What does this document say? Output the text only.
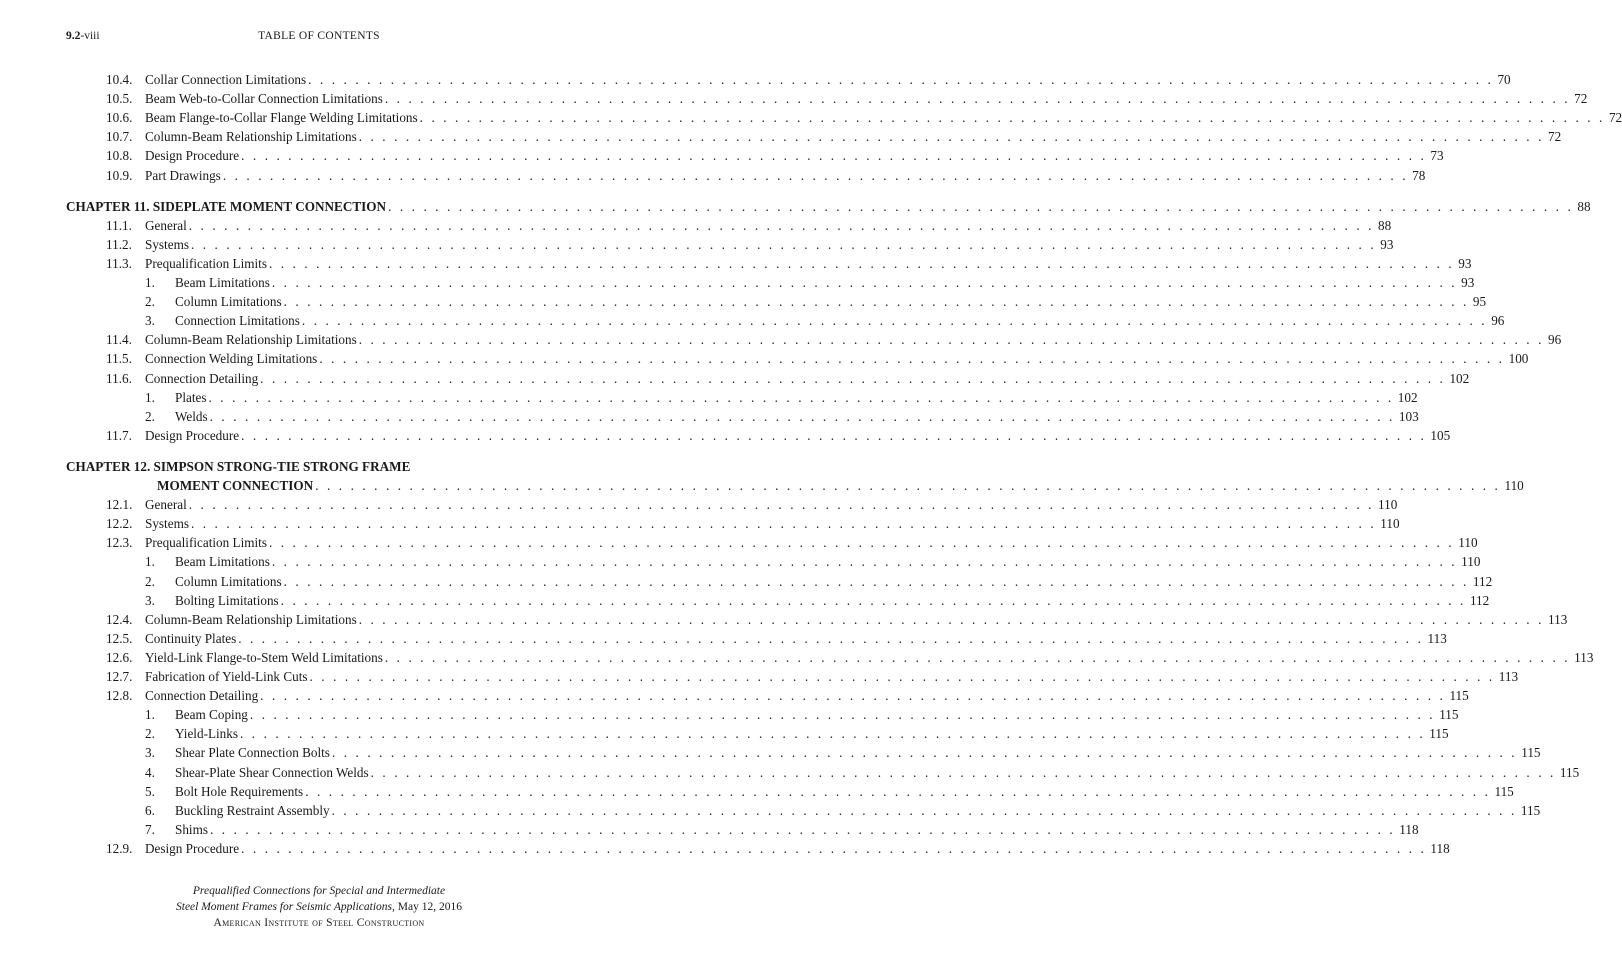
9.2-viii	TABLE OF CONTENTS
10.4. Collar Connection Limitations . . . . . . . . . . . . . . . . . . . . . . . . . . . . . . . . . . . . . . . . . . . . . . . . . . . . . . . . . . . . . . . . . . . . . . . . . . . . . . . . . . . . . . . . . . . . . . . . . . . . . 70
10.5. Beam Web-to-Collar Connection Limitations . . . . . . . . . . . . . . . . . . . . . . . . . . . . . . . . . . . . . . . . . . . . . . . . . . . . . . . . . . . . . . . . . . . . . . . . . . . . . . . . . . . . . . . . . . . . . . . . . . . . . 72
10.6. Beam Flange-to-Collar Flange Welding Limitations . . . . . . . . . . . . . . . . . . . . . . . . . . . . . . . . . . . . . . . . . . . . . . . . . . . . . . . . . . . . . . . . . . . . . . . . . . . . . . . . . . . . . . . . . . . . . . . . . . . . . 72
10.7. Column-Beam Relationship Limitations . . . . . . . . . . . . . . . . . . . . . . . . . . . . . . . . . . . . . . . . . . . . . . . . . . . . . . . . . . . . . . . . . . . . . . . . . . . . . . . . . . . . . . . . . . . . . . . . . . . . . 72
10.8. Design Procedure . . . . . . . . . . . . . . . . . . . . . . . . . . . . . . . . . . . . . . . . . . . . . . . . . . . . . . . . . . . . . . . . . . . . . . . . . . . . . . . . . . . . . . . . . . . . . . . . . . . . . 73
10.9. Part Drawings . . . . . . . . . . . . . . . . . . . . . . . . . . . . . . . . . . . . . . . . . . . . . . . . . . . . . . . . . . . . . . . . . . . . . . . . . . . . . . . . . . . . . . . . . . . . . . . . . . . . . 78
CHAPTER 11. SIDEPLATE MOMENT CONNECTION . . . . . . . . . . . . . . . . . . . . . . . . . . . . . . . . . . . . . . . . . . . . . . . . . . . . . . . . . . . . . . . . . . . . . . . . . . . . . . . . . . . . . . . . . . . . . . . . . . . . . 88
11.1. General . . . . . . . . . . . . . . . . . . . . . . . . . . . . . . . . . . . . . . . . . . . . . . . . . . . . . . . . . . . . . . . . . . . . . . . . . . . . . . . . . . . . . . . . . . . . . . . . . . . . . 88
11.2. Systems . . . . . . . . . . . . . . . . . . . . . . . . . . . . . . . . . . . . . . . . . . . . . . . . . . . . . . . . . . . . . . . . . . . . . . . . . . . . . . . . . . . . . . . . . . . . . . . . . . . . . 93
11.3. Prequalification Limits . . . . . . . . . . . . . . . . . . . . . . . . . . . . . . . . . . . . . . . . . . . . . . . . . . . . . . . . . . . . . . . . . . . . . . . . . . . . . . . . . . . . . . . . . . . . . . . . . . . . . 93
1. Beam Limitations . . . . . . . . . . . . . . . . . . . . . . . . . . . . . . . . . . . . . . . . . . . . . . . . . . . . . . . . . . . . . . . . . . . . . . . . . . . . . . . . . . . . . . . . . . . . . . . . . . . . . 93
2. Column Limitations . . . . . . . . . . . . . . . . . . . . . . . . . . . . . . . . . . . . . . . . . . . . . . . . . . . . . . . . . . . . . . . . . . . . . . . . . . . . . . . . . . . . . . . . . . . . . . . . . . . . . 95
3. Connection Limitations . . . . . . . . . . . . . . . . . . . . . . . . . . . . . . . . . . . . . . . . . . . . . . . . . . . . . . . . . . . . . . . . . . . . . . . . . . . . . . . . . . . . . . . . . . . . . . . . . . . . . 96
11.4. Column-Beam Relationship Limitations . . . . . . . . . . . . . . . . . . . . . . . . . . . . . . . . . . . . . . . . . . . . . . . . . . . . . . . . . . . . . . . . . . . . . . . . . . . . . . . . . . . . . . . . . . . . . . . . . . . . . 96
11.5. Connection Welding Limitations . . . . . . . . . . . . . . . . . . . . . . . . . . . . . . . . . . . . . . . . . . . . . . . . . . . . . . . . . . . . . . . . . . . . . . . . . . . . . . . . . . . . . . . . . . . . . . . . . . . . . 100
11.6. Connection Detailing . . . . . . . . . . . . . . . . . . . . . . . . . . . . . . . . . . . . . . . . . . . . . . . . . . . . . . . . . . . . . . . . . . . . . . . . . . . . . . . . . . . . . . . . . . . . . . . . . . . . . 102
1. Plates . . . . . . . . . . . . . . . . . . . . . . . . . . . . . . . . . . . . . . . . . . . . . . . . . . . . . . . . . . . . . . . . . . . . . . . . . . . . . . . . . . . . . . . . . . . . . . . . . . . . . 102
2. Welds . . . . . . . . . . . . . . . . . . . . . . . . . . . . . . . . . . . . . . . . . . . . . . . . . . . . . . . . . . . . . . . . . . . . . . . . . . . . . . . . . . . . . . . . . . . . . . . . . . . . . 103
11.7. Design Procedure . . . . . . . . . . . . . . . . . . . . . . . . . . . . . . . . . . . . . . . . . . . . . . . . . . . . . . . . . . . . . . . . . . . . . . . . . . . . . . . . . . . . . . . . . . . . . . . . . . . . . 105
CHAPTER 12. SIMPSON STRONG-TIE STRONG FRAME
MOMENT CONNECTION . . . . . . . . . . . . . . . . . . . . . . . . . . . . . . . . . . . . . . . . . . . . . . . . . . . . . . . . . . . . . . . . . . . . . . . . . . . . . . . . . . . . . . . . . . . . . . . . . . . . . 110
12.1. General . . . . . . . . . . . . . . . . . . . . . . . . . . . . . . . . . . . . . . . . . . . . . . . . . . . . . . . . . . . . . . . . . . . . . . . . . . . . . . . . . . . . . . . . . . . . . . . . . . . . . 110
12.2. Systems . . . . . . . . . . . . . . . . . . . . . . . . . . . . . . . . . . . . . . . . . . . . . . . . . . . . . . . . . . . . . . . . . . . . . . . . . . . . . . . . . . . . . . . . . . . . . . . . . . . . . 110
12.3. Prequalification Limits . . . . . . . . . . . . . . . . . . . . . . . . . . . . . . . . . . . . . . . . . . . . . . . . . . . . . . . . . . . . . . . . . . . . . . . . . . . . . . . . . . . . . . . . . . . . . . . . . . . . . 110
1. Beam Limitations . . . . . . . . . . . . . . . . . . . . . . . . . . . . . . . . . . . . . . . . . . . . . . . . . . . . . . . . . . . . . . . . . . . . . . . . . . . . . . . . . . . . . . . . . . . . . . . . . . . . . 110
2. Column Limitations . . . . . . . . . . . . . . . . . . . . . . . . . . . . . . . . . . . . . . . . . . . . . . . . . . . . . . . . . . . . . . . . . . . . . . . . . . . . . . . . . . . . . . . . . . . . . . . . . . . . . 112
3. Bolting Limitations . . . . . . . . . . . . . . . . . . . . . . . . . . . . . . . . . . . . . . . . . . . . . . . . . . . . . . . . . . . . . . . . . . . . . . . . . . . . . . . . . . . . . . . . . . . . . . . . . . . . . 112
12.4. Column-Beam Relationship Limitations . . . . . . . . . . . . . . . . . . . . . . . . . . . . . . . . . . . . . . . . . . . . . . . . . . . . . . . . . . . . . . . . . . . . . . . . . . . . . . . . . . . . . . . . . . . . . . . . . . . . . 113
12.5. Continuity Plates . . . . . . . . . . . . . . . . . . . . . . . . . . . . . . . . . . . . . . . . . . . . . . . . . . . . . . . . . . . . . . . . . . . . . . . . . . . . . . . . . . . . . . . . . . . . . . . . . . . . . 113
12.6. Yield-Link Flange-to-Stem Weld Limitations . . . . . . . . . . . . . . . . . . . . . . . . . . . . . . . . . . . . . . . . . . . . . . . . . . . . . . . . . . . . . . . . . . . . . . . . . . . . . . . . . . . . . . . . . . . . . . . . . . . . . 113
12.7. Fabrication of Yield-Link Cuts . . . . . . . . . . . . . . . . . . . . . . . . . . . . . . . . . . . . . . . . . . . . . . . . . . . . . . . . . . . . . . . . . . . . . . . . . . . . . . . . . . . . . . . . . . . . . . . . . . . . . 113
12.8. Connection Detailing . . . . . . . . . . . . . . . . . . . . . . . . . . . . . . . . . . . . . . . . . . . . . . . . . . . . . . . . . . . . . . . . . . . . . . . . . . . . . . . . . . . . . . . . . . . . . . . . . . . . . 115
1. Beam Coping . . . . . . . . . . . . . . . . . . . . . . . . . . . . . . . . . . . . . . . . . . . . . . . . . . . . . . . . . . . . . . . . . . . . . . . . . . . . . . . . . . . . . . . . . . . . . . . . . . . . . 115
2. Yield-Links . . . . . . . . . . . . . . . . . . . . . . . . . . . . . . . . . . . . . . . . . . . . . . . . . . . . . . . . . . . . . . . . . . . . . . . . . . . . . . . . . . . . . . . . . . . . . . . . . . . . . 115
3. Shear Plate Connection Bolts . . . . . . . . . . . . . . . . . . . . . . . . . . . . . . . . . . . . . . . . . . . . . . . . . . . . . . . . . . . . . . . . . . . . . . . . . . . . . . . . . . . . . . . . . . . . . . . . . . . . . 115
4. Shear-Plate Shear Connection Welds . . . . . . . . . . . . . . . . . . . . . . . . . . . . . . . . . . . . . . . . . . . . . . . . . . . . . . . . . . . . . . . . . . . . . . . . . . . . . . . . . . . . . . . . . . . . . . . . . . . . . 115
5. Bolt Hole Requirements . . . . . . . . . . . . . . . . . . . . . . . . . . . . . . . . . . . . . . . . . . . . . . . . . . . . . . . . . . . . . . . . . . . . . . . . . . . . . . . . . . . . . . . . . . . . . . . . . . . . . 115
6. Buckling Restraint Assembly . . . . . . . . . . . . . . . . . . . . . . . . . . . . . . . . . . . . . . . . . . . . . . . . . . . . . . . . . . . . . . . . . . . . . . . . . . . . . . . . . . . . . . . . . . . . . . . . . . . . . 115
7. Shims . . . . . . . . . . . . . . . . . . . . . . . . . . . . . . . . . . . . . . . . . . . . . . . . . . . . . . . . . . . . . . . . . . . . . . . . . . . . . . . . . . . . . . . . . . . . . . . . . . . . . 118
12.9. Design Procedure . . . . . . . . . . . . . . . . . . . . . . . . . . . . . . . . . . . . . . . . . . . . . . . . . . . . . . . . . . . . . . . . . . . . . . . . . . . . . . . . . . . . . . . . . . . . . . . . . . . . . 118
Prequalified Connections for Special and Intermediate
Steel Moment Frames for Seismic Applications, May 12, 2016
American Institute of Steel Construction
